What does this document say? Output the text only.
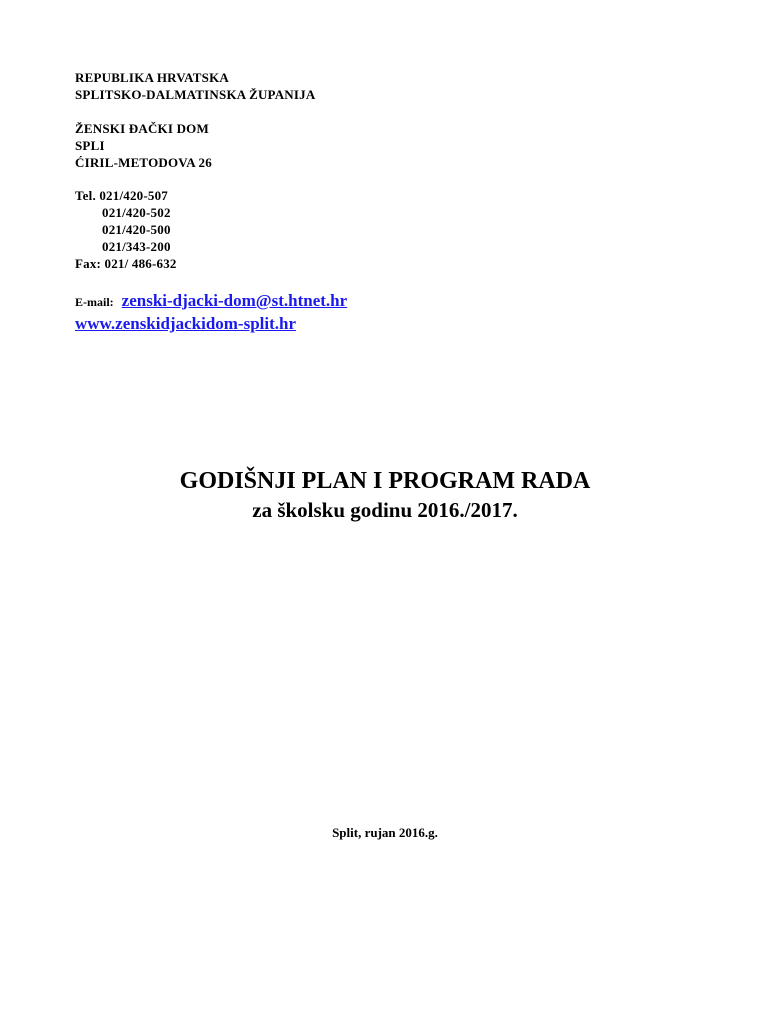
REPUBLIKA HRVATSKA
SPLITSKO-DALMATINSKA ŽUPANIJA
ŽENSKI ĐAČKI DOM
SPLI
ĆIRIL-METODOVA 26
Tel. 021/420-507
021/420-502
021/420-500
021/343-200
Fax: 021/ 486-632
E-mail: zenski-djacki-dom@st.htnet.hr
www.zenskidjackidom-split.hr
GODIŠNJI PLAN I PROGRAM RADA
za školsku godinu 2016./2017.
Split, rujan 2016.g.
